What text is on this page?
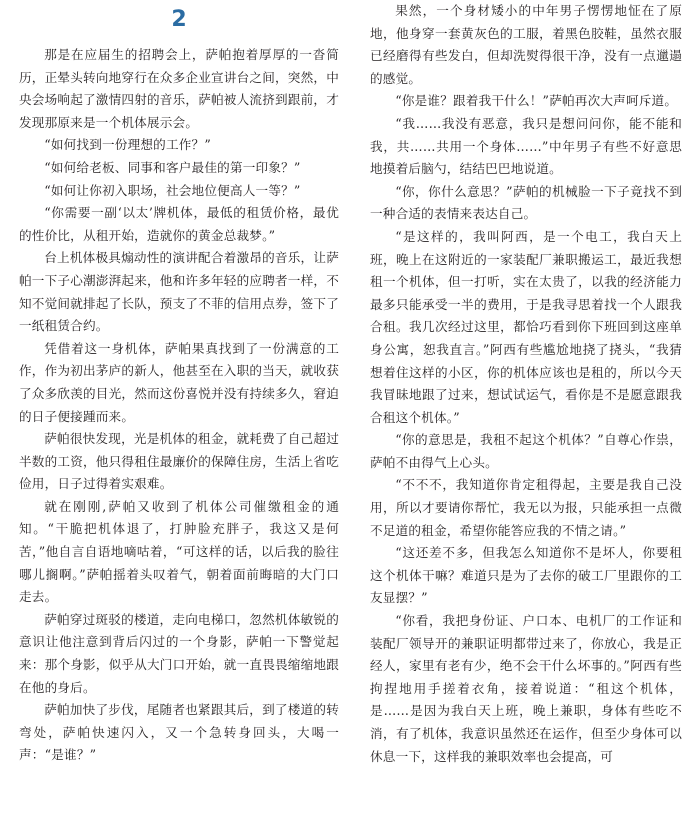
2

那是在应届生的招聘会上，萨帕抱着厚厚的一沓简历，正晕头转向地穿行在众多企业宣讲台之间，突然，中央会场响起了激情四射的音乐，萨帕被人流挤到跟前，才发现那原来是一个机体展示会。

“如何找到一份理想的工作？”

“如何给老板、同事和客户最佳的第一印象？”

“如何让你初入职场，社会地位便高人一等？”

“你需要一副‘以太’牌机体，最低的租赁价格，最优的性价比，从租开始，造就你的黄金总裁梦。”

台上机体极具煽动性的演讲配合着激昂的音乐，让萨帕一下子心潮澎湃起来，他和许多年轻的应聘者一样，不知不觉间就排起了长队，预支了不菲的信用点券，签下了一纸租赁合约。

凭借着这一身机体，萨帕果真找到了一份满意的工作，作为初出茅庐的新人，他甚至在入职的当天，就收获了众多欣羡的目光，然而这份喜悦并没有持续多久，窘迫的日子便接踵而来。

萨帕很快发现，光是机体的租金，就耗费了自己超过半数的工资，他只得租住最廉价的保障住房，生活上省吃俭用，日子过得着实艰难。

就在刚刚,萨帕又收到了机体公司催缴租金的通知。“干脆把机体退了，打肿脸充胖子，我这又是何苦，”他自言自语地嘀咕着，“可这样的话，以后我的脸往哪儿搁啊。”萨帕摇着头叹着气，朝着面前晦暗的大门口走去。

萨帕穿过斑驳的楼道，走向电梯口，忽然机体敏锐的意识让他注意到背后闪过的一个身影，萨帕一下警觉起来：那个身影，似乎从大门口开始，就一直畏畏缩缩地跟在他的身后。

萨帕加快了步伐，尾随者也紧跟其后，到了楼道的转弯处，萨帕快速闪入，又一个急转身回头，大喝一声：“是谁？”

果然，一个身材矮小的中年男子愣愣地怔在了原地，他身穿一套黄灰色的工服，着黑色胶鞋，虽然衣服已经磨得有些发白，但却洗熨得很干净，没有一点邋遢的感觉。

“你是谁？跟着我干什么！”萨帕再次大声呵斥道。

“我……我没有恶意，我只是想问问你，能不能和我，共……共用一个身体……”中年男子有些不好意思地摸着后脑勺，结结巴巴地说道。

“你，你什么意思？”萨帕的机械脸一下子竟找不到一种合适的表情来表达自己。

“是这样的，我叫阿西，是一个电工，我白天上班，晚上在这附近的一家装配厂兼职搬运工，最近我想租一个机体，但一打听，实在太贵了，以我的经济能力最多只能承受一半的费用，于是我寻思着找一个人跟我合租。我几次经过这里，都恰巧看到你下班回到这座单身公寓，恕我直言。”阿西有些尴尬地挠了挠头，“我猜想着住这样的小区，你的机体应该也是租的，所以今天我冒昧地跟了过来，想试试运气，看你是不是愿意跟我合租这个机体。”

“你的意思是，我租不起这个机体？”自尊心作祟，萨帕不由得气上心头。

“不不不，我知道你肯定租得起，主要是我自己没用，所以才要请你帮忙，我无以为报，只能承担一点微不足道的租金，希望你能答应我的不情之请。”

“这还差不多，但我怎么知道你不是坏人，你要租这个机体干嘛？难道只是为了去你的破工厂里跟你的工友显摆？”

“你看，我把身份证、户口本、电机厂的工作证和装配厂领导开的兼职证明都带过来了，你放心，我是正经人，家里有老有少，绝不会干什么坏事的。”阿西有些拘捏地用手搓着衣角，接着说道：“租这个机体，是……是因为我白天上班，晚上兼职，身体有些吃不消，有了机体，我意识虽然还在运作，但至少身体可以休息一下，这样我的兼职效率也会提高，可
